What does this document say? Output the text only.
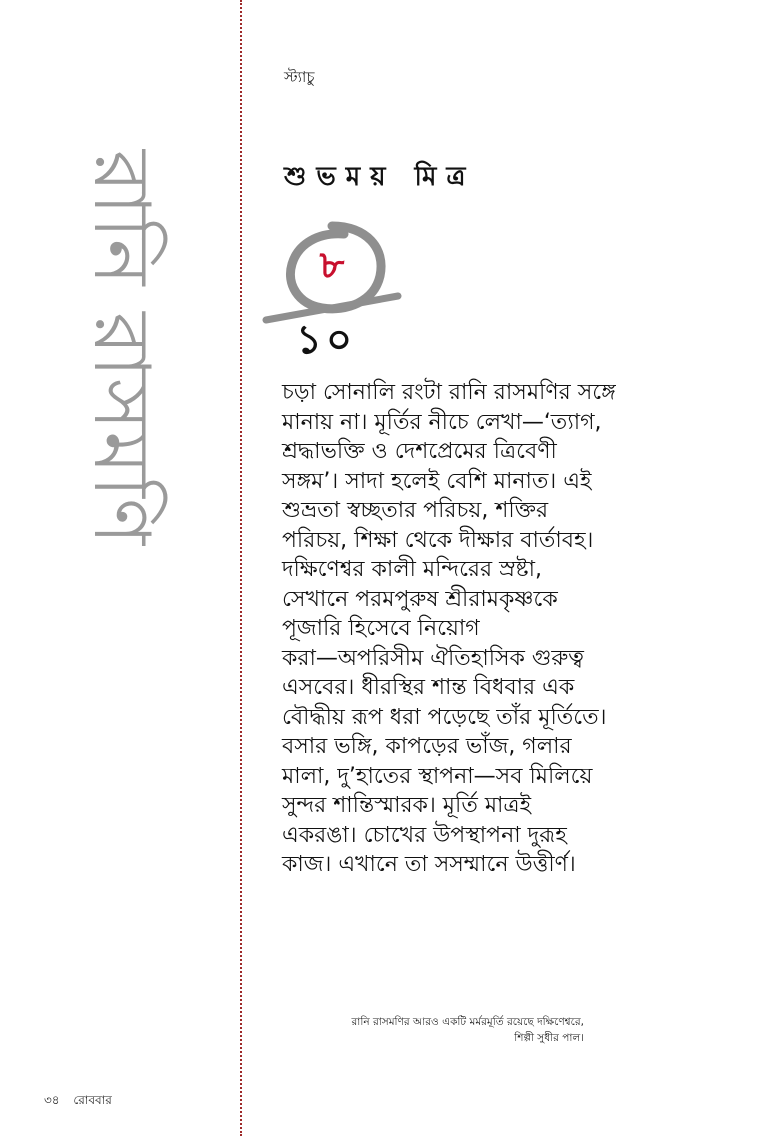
স্ট্যাচু
রানি রাসমণি	শুভময় মিত্র
৮
১০
চড়া সোনালি রংটা রানি রাসমণির সঙ্গে
মানায় না। মূর্তির নীচে লেখা—‘ত্যাগ,
শ্রদ্ধাভক্তি ও দেশপ্রেমের ত্রিবেণী
সঙ্গম’। সাদা হলেই বেশি মানাত। এই
শুভ্রতা স্বচ্ছতার পরিচয়, শক্তির
পরিচয়, শিক্ষা থেকে দীক্ষার বার্তাবহ।
দক্ষিণেশ্বর কালী মন্দিরের স্রষ্টা,
সেখানে পরমপুরুষ শ্রীরামকৃষ্ণকে
পূজারি হিসেবে নিয়োগ
করা—অপরিসীম ঐতিহাসিক গুরুত্ব
এসবের। ধীরস্থির শান্ত বিধবার এক
বৌদ্ধীয় রূপ ধরা পড়েছে তাঁর মূর্তিতে।
বসার ভঙ্গি, কাপড়ের ভাঁজ, গলার
মালা, দু’হাতের স্থাপনা—সব মিলিয়ে
সুন্দর শান্তিস্মারক। মূর্তি মাত্রই
একরঙা। চোখের উপস্থাপনা দুরূহ
কাজ। এখানে তা সসম্মানে উত্তীর্ণ।
রানি রাসমণির আরও একটি মর্মরমূর্তি রয়েছে দক্ষিণেশ্বরে,
শিল্পী সুধীর পাল।
৩৪ রোববার
